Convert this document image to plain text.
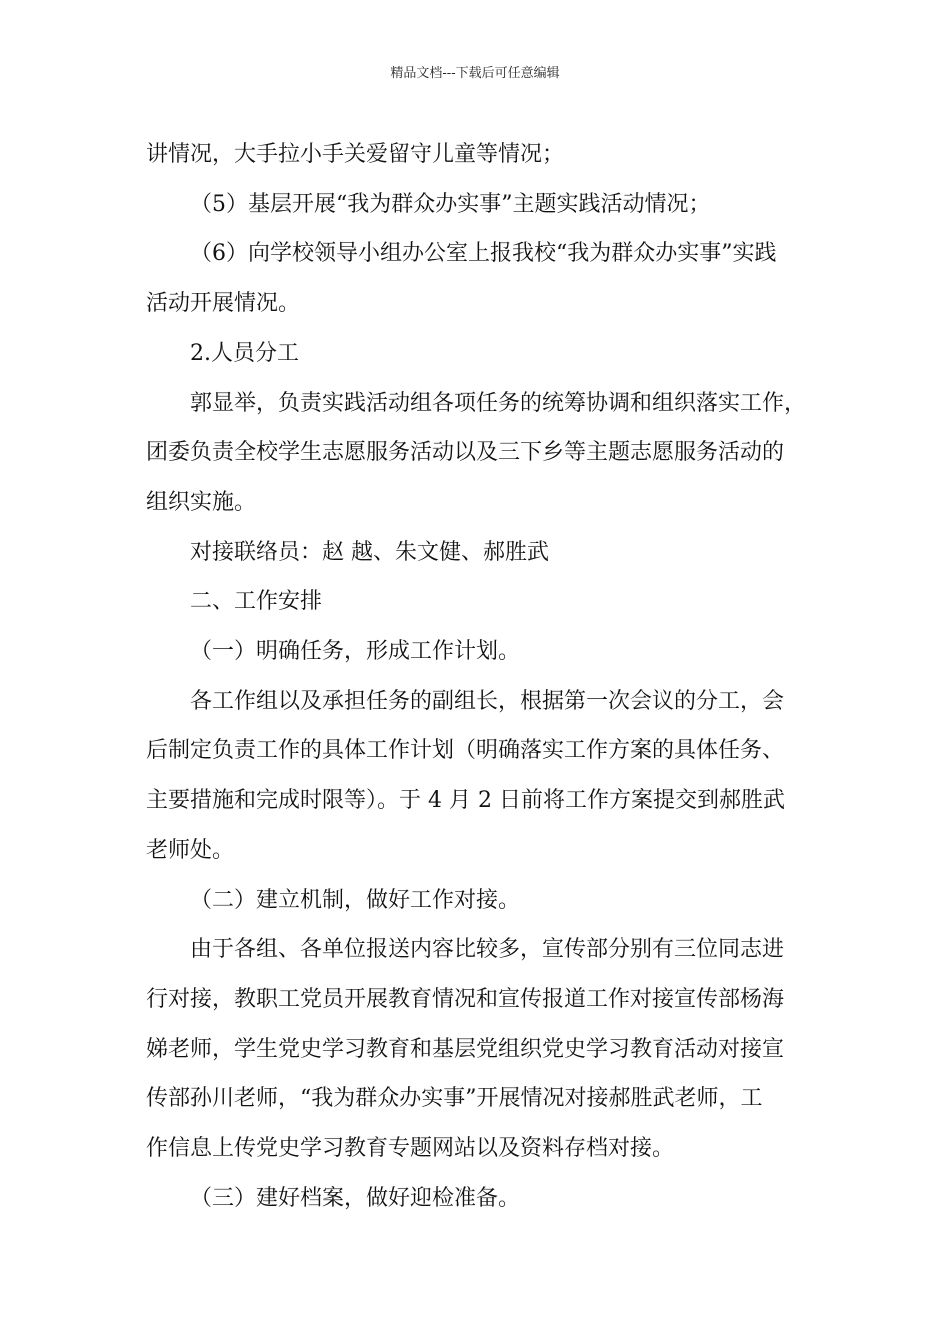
精品文档---下载后可任意编辑

讲情况，大手拉小手关爱留守儿童等情况；

（5）基层开展“我为群众办实事”主题实践活动情况；

（6）向学校领导小组办公室上报我校“我为群众办实事”实践

活动开展情况。

2.人员分工

郭显举，负责实践活动组各项任务的统筹协调和组织落实工作，

团委负责全校学生志愿服务活动以及三下乡等主题志愿服务活动的

组织实施。

对接联络员：赵 越、朱文健、郝胜武

二、工作安排

（一）明确任务，形成工作计划。

各工作组以及承担任务的副组长，根据第一次会议的分工，会

后制定负责工作的具体工作计划（明确落实工作方案的具体任务、

主要措施和完成时限等）。于 4 月 2 日前将工作方案提交到郝胜武

老师处。

（二）建立机制，做好工作对接。

由于各组、各单位报送内容比较多，宣传部分别有三位同志进

行对接，教职工党员开展教育情况和宣传报道工作对接宣传部杨海

娣老师，学生党史学习教育和基层党组织党史学习教育活动对接宣

传部孙川老师，“我为群众办实事”开展情况对接郝胜武老师，工

作信息上传党史学习教育专题网站以及资料存档对接。

（三）建好档案，做好迎检准备。
